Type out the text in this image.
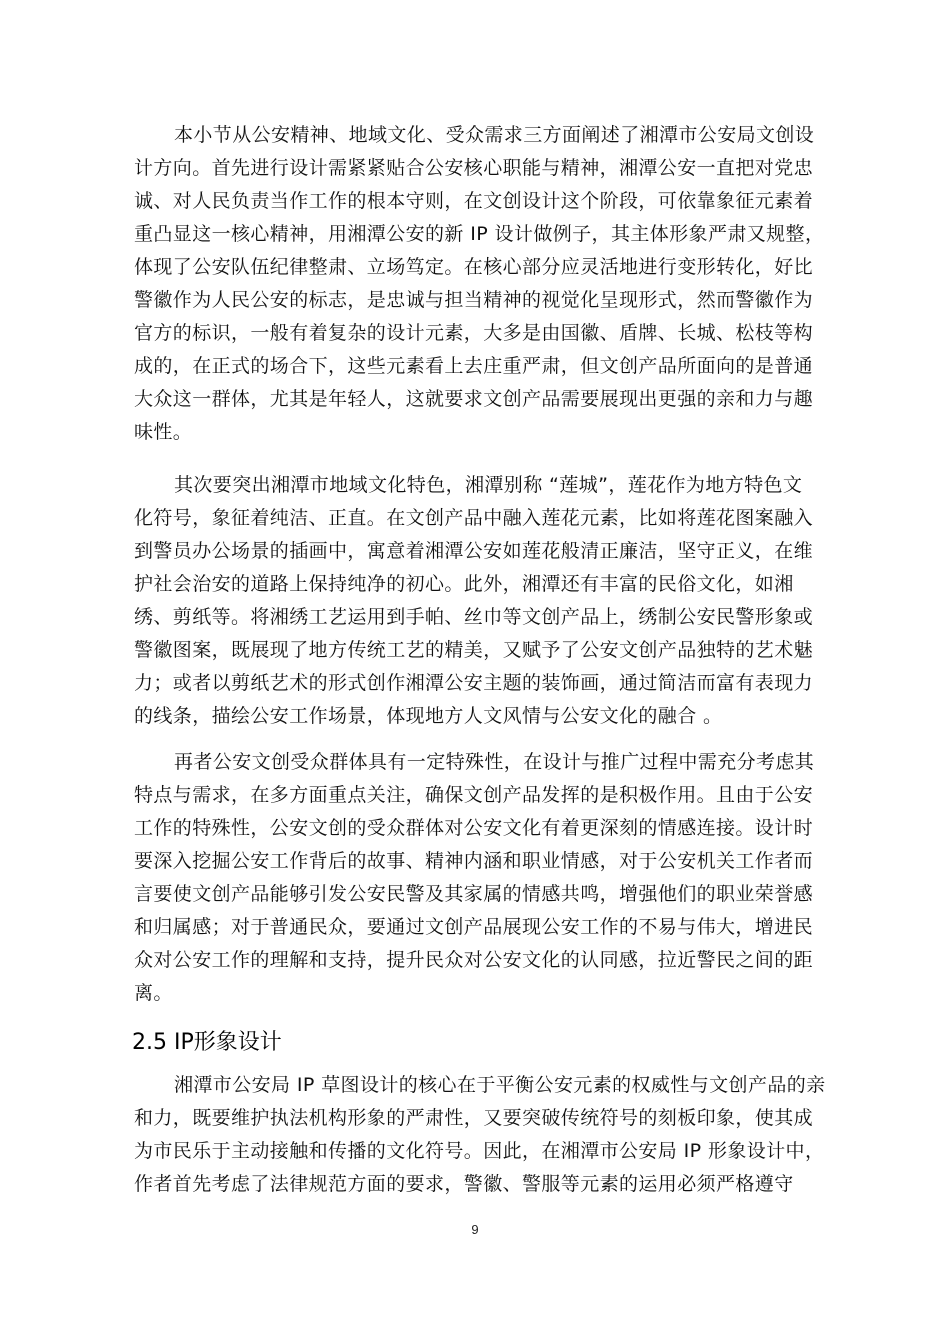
本小节从公安精神、地域文化、受众需求三方面阐述了湘潭市公安局文创设
计方向。首先进行设计需紧紧贴合公安核心职能与精神，湘潭公安一直把对党忠
诚、对人民负责当作工作的根本守则，在文创设计这个阶段，可依靠象征元素着
重凸显这一核心精神，用湘潭公安的新 IP 设计做例子，其主体形象严肃又规整，
体现了公安队伍纪律整肃、立场笃定。在核心部分应灵活地进行变形转化，好比
警徽作为人民公安的标志，是忠诚与担当精神的视觉化呈现形式，然而警徽作为
官方的标识，一般有着复杂的设计元素，大多是由国徽、盾牌、长城、松枝等构
成的，在正式的场合下，这些元素看上去庄重严肃，但文创产品所面向的是普通
大众这一群体，尤其是年轻人，这就要求文创产品需要展现出更强的亲和力与趣
味性。
其次要突出湘潭市地域文化特色，湘潭别称 “莲城”，莲花作为地方特色文
化符号，象征着纯洁、正直。在文创产品中融入莲花元素，比如将莲花图案融入
到警员办公场景的插画中，寓意着湘潭公安如莲花般清正廉洁，坚守正义，在维
护社会治安的道路上保持纯净的初心。此外，湘潭还有丰富的民俗文化，如湘
绣、剪纸等。将湘绣工艺运用到手帕、丝巾等文创产品上，绣制公安民警形象或
警徽图案，既展现了地方传统工艺的精美，又赋予了公安文创产品独特的艺术魅
力；或者以剪纸艺术的形式创作湘潭公安主题的装饰画，通过简洁而富有表现力
的线条，描绘公安工作场景，体现地方人文风情与公安文化的融合 。
再者公安文创受众群体具有一定特殊性，在设计与推广过程中需充分考虑其
特点与需求，在多方面重点关注，确保文创产品发挥的是积极作用。且由于公安
工作的特殊性，公安文创的受众群体对公安文化有着更深刻的情感连接。设计时
要深入挖掘公安工作背后的故事、精神内涵和职业情感，对于公安机关工作者而
言要使文创产品能够引发公安民警及其家属的情感共鸣，增强他们的职业荣誉感
和归属感；对于普通民众，要通过文创产品展现公安工作的不易与伟大，增进民
众对公安工作的理解和支持，提升民众对公安文化的认同感，拉近警民之间的距
离。
2.5 IP形象设计
湘潭市公安局 IP 草图设计的核心在于平衡公安元素的权威性与文创产品的亲
和力，既要维护执法机构形象的严肃性，又要突破传统符号的刻板印象，使其成
为市民乐于主动接触和传播的文化符号。因此，在湘潭市公安局 IP 形象设计中，
作者首先考虑了法律规范方面的要求，警徽、警服等元素的运用必须严格遵守
9
